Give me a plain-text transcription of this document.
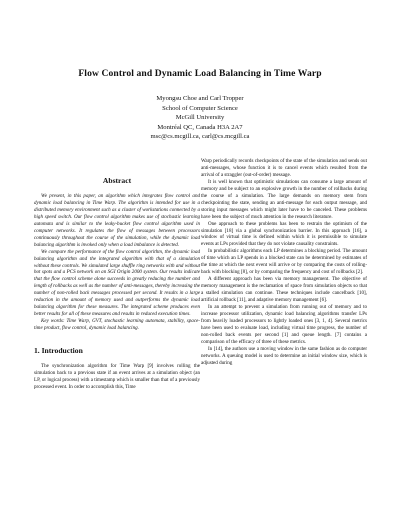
Flow Control and Dynamic Load Balancing in Time Warp
Myongsu Choe and Carl Tropper
School of Computer Science
McGill University
Montréal QC, Canada H3A 2A7
msc@cs.mcgill.ca, carl@cs.mcgill.ca
Abstract

We present, in this paper, an algorithm which integrates flow control and dynamic load balancing in Time Warp. The algorithm is intended for use in a distributed memory environment such as a cluster of workstations connected by a high speed switch. Our flow control algorithm makes use of stochastic learning automata and is similar to the leaky-bucket flow control algorithm used in computer networks. It regulates the flow of messages between processors continuously throughout the course of the simulation, while the dynamic load balancing algorithm is invoked only when a load imbalance is detected.

We compare the performance of the flow control algorithm, the dynamic load balancing algorithm and the integrated algorithm with that of a simulation without these controls. We simulated large shuffle ring networks with and without hot spots and a PCS network on an SGI Origin 2000 system. Our results indicate that the flow control scheme alone succeeds in greatly reducing the number and length of rollbacks as well as the number of anti-messages, thereby increasing the number of non-rolled back messages processed per second. It results in a large reduction in the amount of memory used and outperforms the dynamic load balancing algorithm for these measures. The integrated scheme produces even better results for all of these measures and results in reduced execution times.

Key words: Time Warp, GVT, stochastic learning automata, stability, space-time product, flow control, dynamic load balancing.

1. Introduction

The synchronization algorithm for Time Warp [9] involves rolling the simulation back to a previous state if an event arrives at a simulation object (an LP, or logical process) with a timestamp which is smaller than that of a previously processed event. In order to accomplish this, Time

Warp periodically records checkpoints of the state of the simulation and sends out anti-messages, whose function it is to cancel events which resulted from the arrival of a straggler (out-of-order) message.

It is well known that optimistic simulations can consume a large amount of memory and be subject to an explosive growth in the number of rollbacks during the course of a simulation. The large demands on memory stem from checkpointing the state, sending an anti-message for each output message, and storing input messages which might later have to be canceled. These problems have been the subject of much attention in the research literature.

One approach to these problems has been to restrain the optimism of the simulation [18] via a global synchronization barrier. In this approach [16], a window of virtual time is defined within which it is permissible to simulate events at LPs provided that they do not violate causality constraints.

In probabilistic algorithms each LP determines a blocking period. The amount of time which an LP spends in a blocked state can be determined by estimates of the time at which the next event will arrive or by comparing the costs of rolling-back with blocking [8], or by comparing the frequency and cost of rollbacks [2].

A different approach has been via memory management. The objective of memory management is the reclamation of space from simulation objects so that a stalled simulation can continue. These techniques include cancelback [10], artificial rollback [11], and adaptive memory management [6].

In an attempt to prevent a simulation from running out of memory and to increase processor utilization, dynamic load balancing algorithms transfer LPs from heavily loaded processors to lightly loaded ones [3, 1, 4]. Several metrics have been used to evaluate load, including virtual time progress, the number of non-rolled back events per second [1] and queue length. [7] contains a comparison of the efficacy of three of these metrics.

In [14], the authors use a moving window in the same fashion as do computer networks. A queuing model is used to determine an initial window size, which is adjusted during
